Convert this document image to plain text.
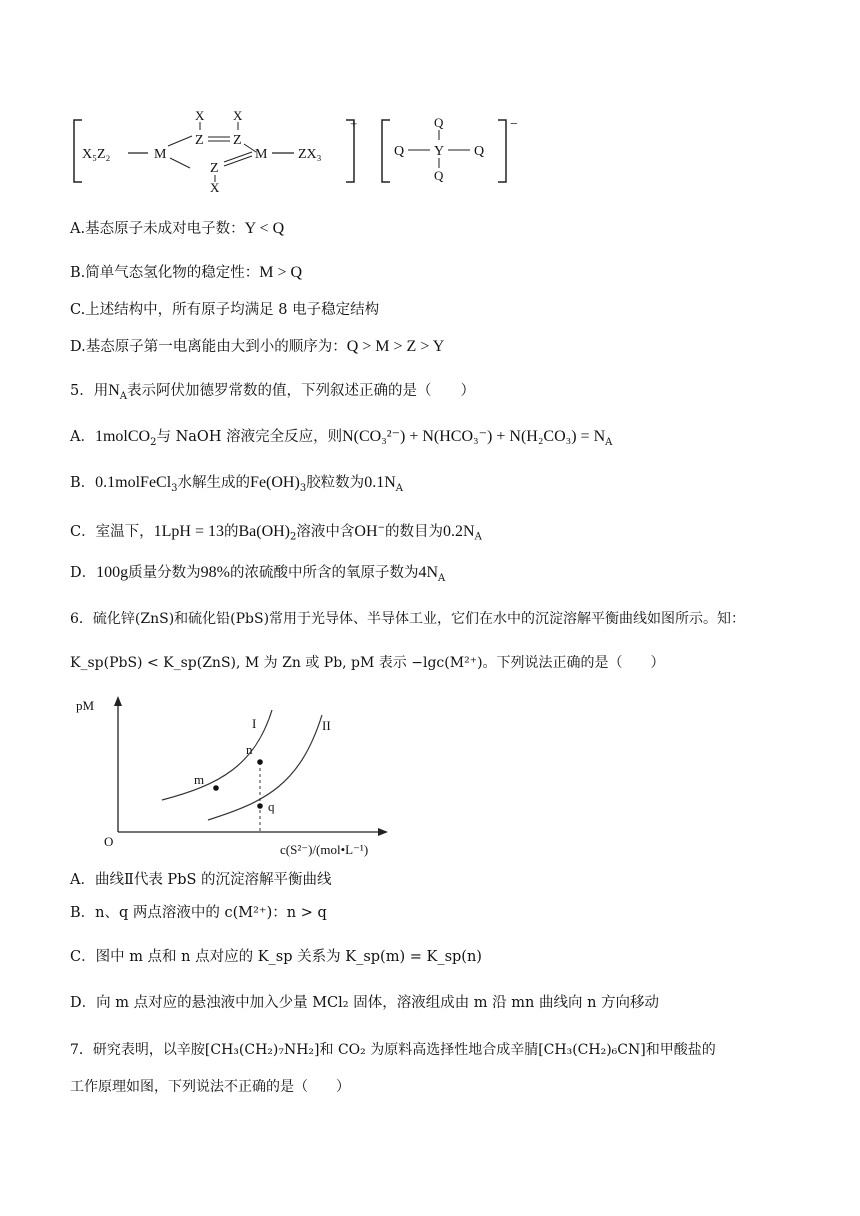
+
X₅Z₂	M
Z Z
X X
M
Z
X
ZX₃
−
Q Y Q
Q
Q
A.基态原子未成对电子数：Y < Q
B.简单气态氢化物的稳定性：M > Q
C.上述结构中，所有原子均满足 8 电子稳定结构
D.基态原子第一电离能由大到小的顺序为：Q > M > Z > Y
5．用$N_A$表示阿伏加德罗常数的值，下列叙述正确的是（　　）
A．1molCO$_2$与 NaOH 溶液完全反应，则$N(CO_3^{2-}) + N(HCO_3^-) + N(H_2CO_3) = N_A$
B．0.1molFeCl$_3$水解生成的$Fe(OH)_3$胶粒数为$0.1N_A$
C．室温下，1LpH = 13的$Ba(OH)_2$溶液中含OH−的数目为$0.2N_A$
D．100g质量分数为98%的浓硫酸中所含的氧原子数为$4N_A$
6．硫化锌(ZnS)和硫化铅(PbS)常用于光导体、半导体工业，它们在水中的沉淀溶解平衡曲线如图所示。知：
K_sp(PbS) < K_sp(ZnS), M 为 Zn 或 Pb, pM 表示 −lgc(M²⁺)。下列说法正确的是（　　）
pM
O
c(S²⁻)/(mol•L⁻¹)
I	II
m
n
q
A．曲线Ⅱ代表 PbS 的沉淀溶解平衡曲线
B．n、q 两点溶液中的 c(M²⁺)：n > q
C．图中 m 点和 n 点对应的 K_sp 关系为 K_sp(m) = K_sp(n)
D．向 m 点对应的悬浊液中加入少量 MCl₂ 固体，溶液组成由 m 沿 mn 曲线向 n 方向移动
7．研究表明，以辛胺[CH₃(CH₂)₇NH₂]和 CO₂ 为原料高选择性地合成辛腈[CH₃(CH₂)₆CN]和甲酸盐的
工作原理如图，下列说法不正确的是（　　）
